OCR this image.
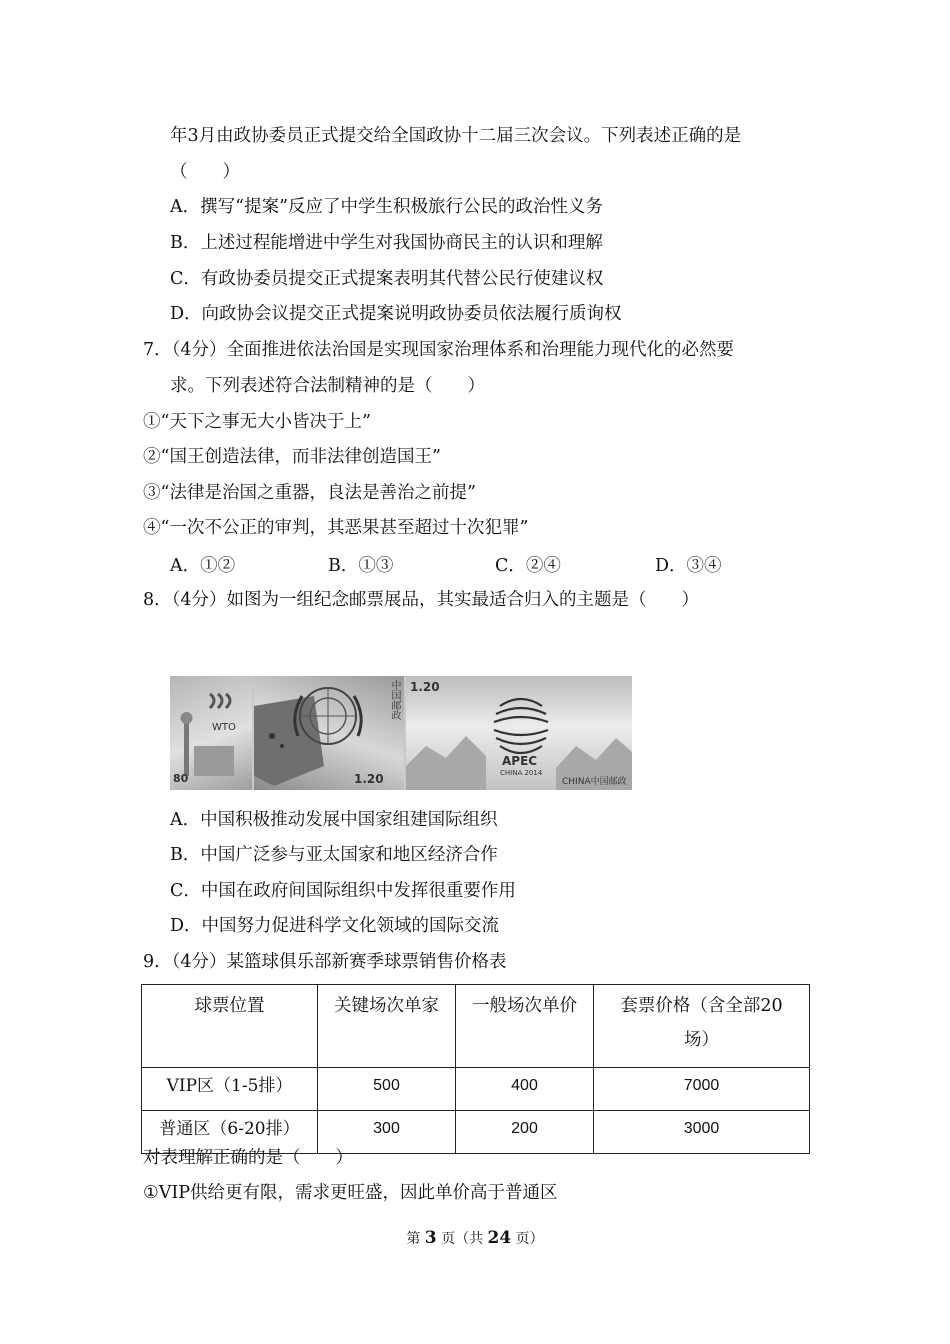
年3月由政协委员正式提交给全国政协十二届三次会议。下列表述正确的是
（　　）
A．撰写“提案”反应了中学生积极旅行公民的政治性义务
B．上述过程能增进中学生对我国协商民主的认识和理解
C．有政协委员提交正式提案表明其代替公民行使建议权
D．向政协会议提交正式提案说明政协委员依法履行质询权
7．（4分）全面推进依法治国是实现国家治理体系和治理能力现代化的必然要
求。下列表述符合法制精神的是（　　）
①“天下之事无大小皆决于上”
②“国王创造法律，而非法律创造国王”
③“法律是治国之重器，良法是善治之前提”
④“一次不公正的审判，其恶果甚至超过十次犯罪”
A．①②	B．①③	C．②④	D．③④
8．（4分）如图为一组纪念邮票展品，其实最适合归入的主题是（　　）
WTO
80
中国邮政
1.20
APEC
CHINA 2014
1.20
CHINA中国邮政
A．中国积极推动发展中国家组建国际组织
B．中国广泛参与亚太国家和地区经济合作
C．中国在政府间国际组织中发挥很重要作用
D．中国努力促进科学文化领域的国际交流
9．（4分）某篮球俱乐部新赛季球票销售价格表
球票位置	关键场次单家	一般场次单价	套票价格（含全部20场）
VIP区（1-5排）	500	400	7000
普通区（6-20排）	300	200	3000
对表理解正确的是（　　）
①VIP供给更有限，需求更旺盛，因此单价高于普通区
第 3 页（共 24 页）
